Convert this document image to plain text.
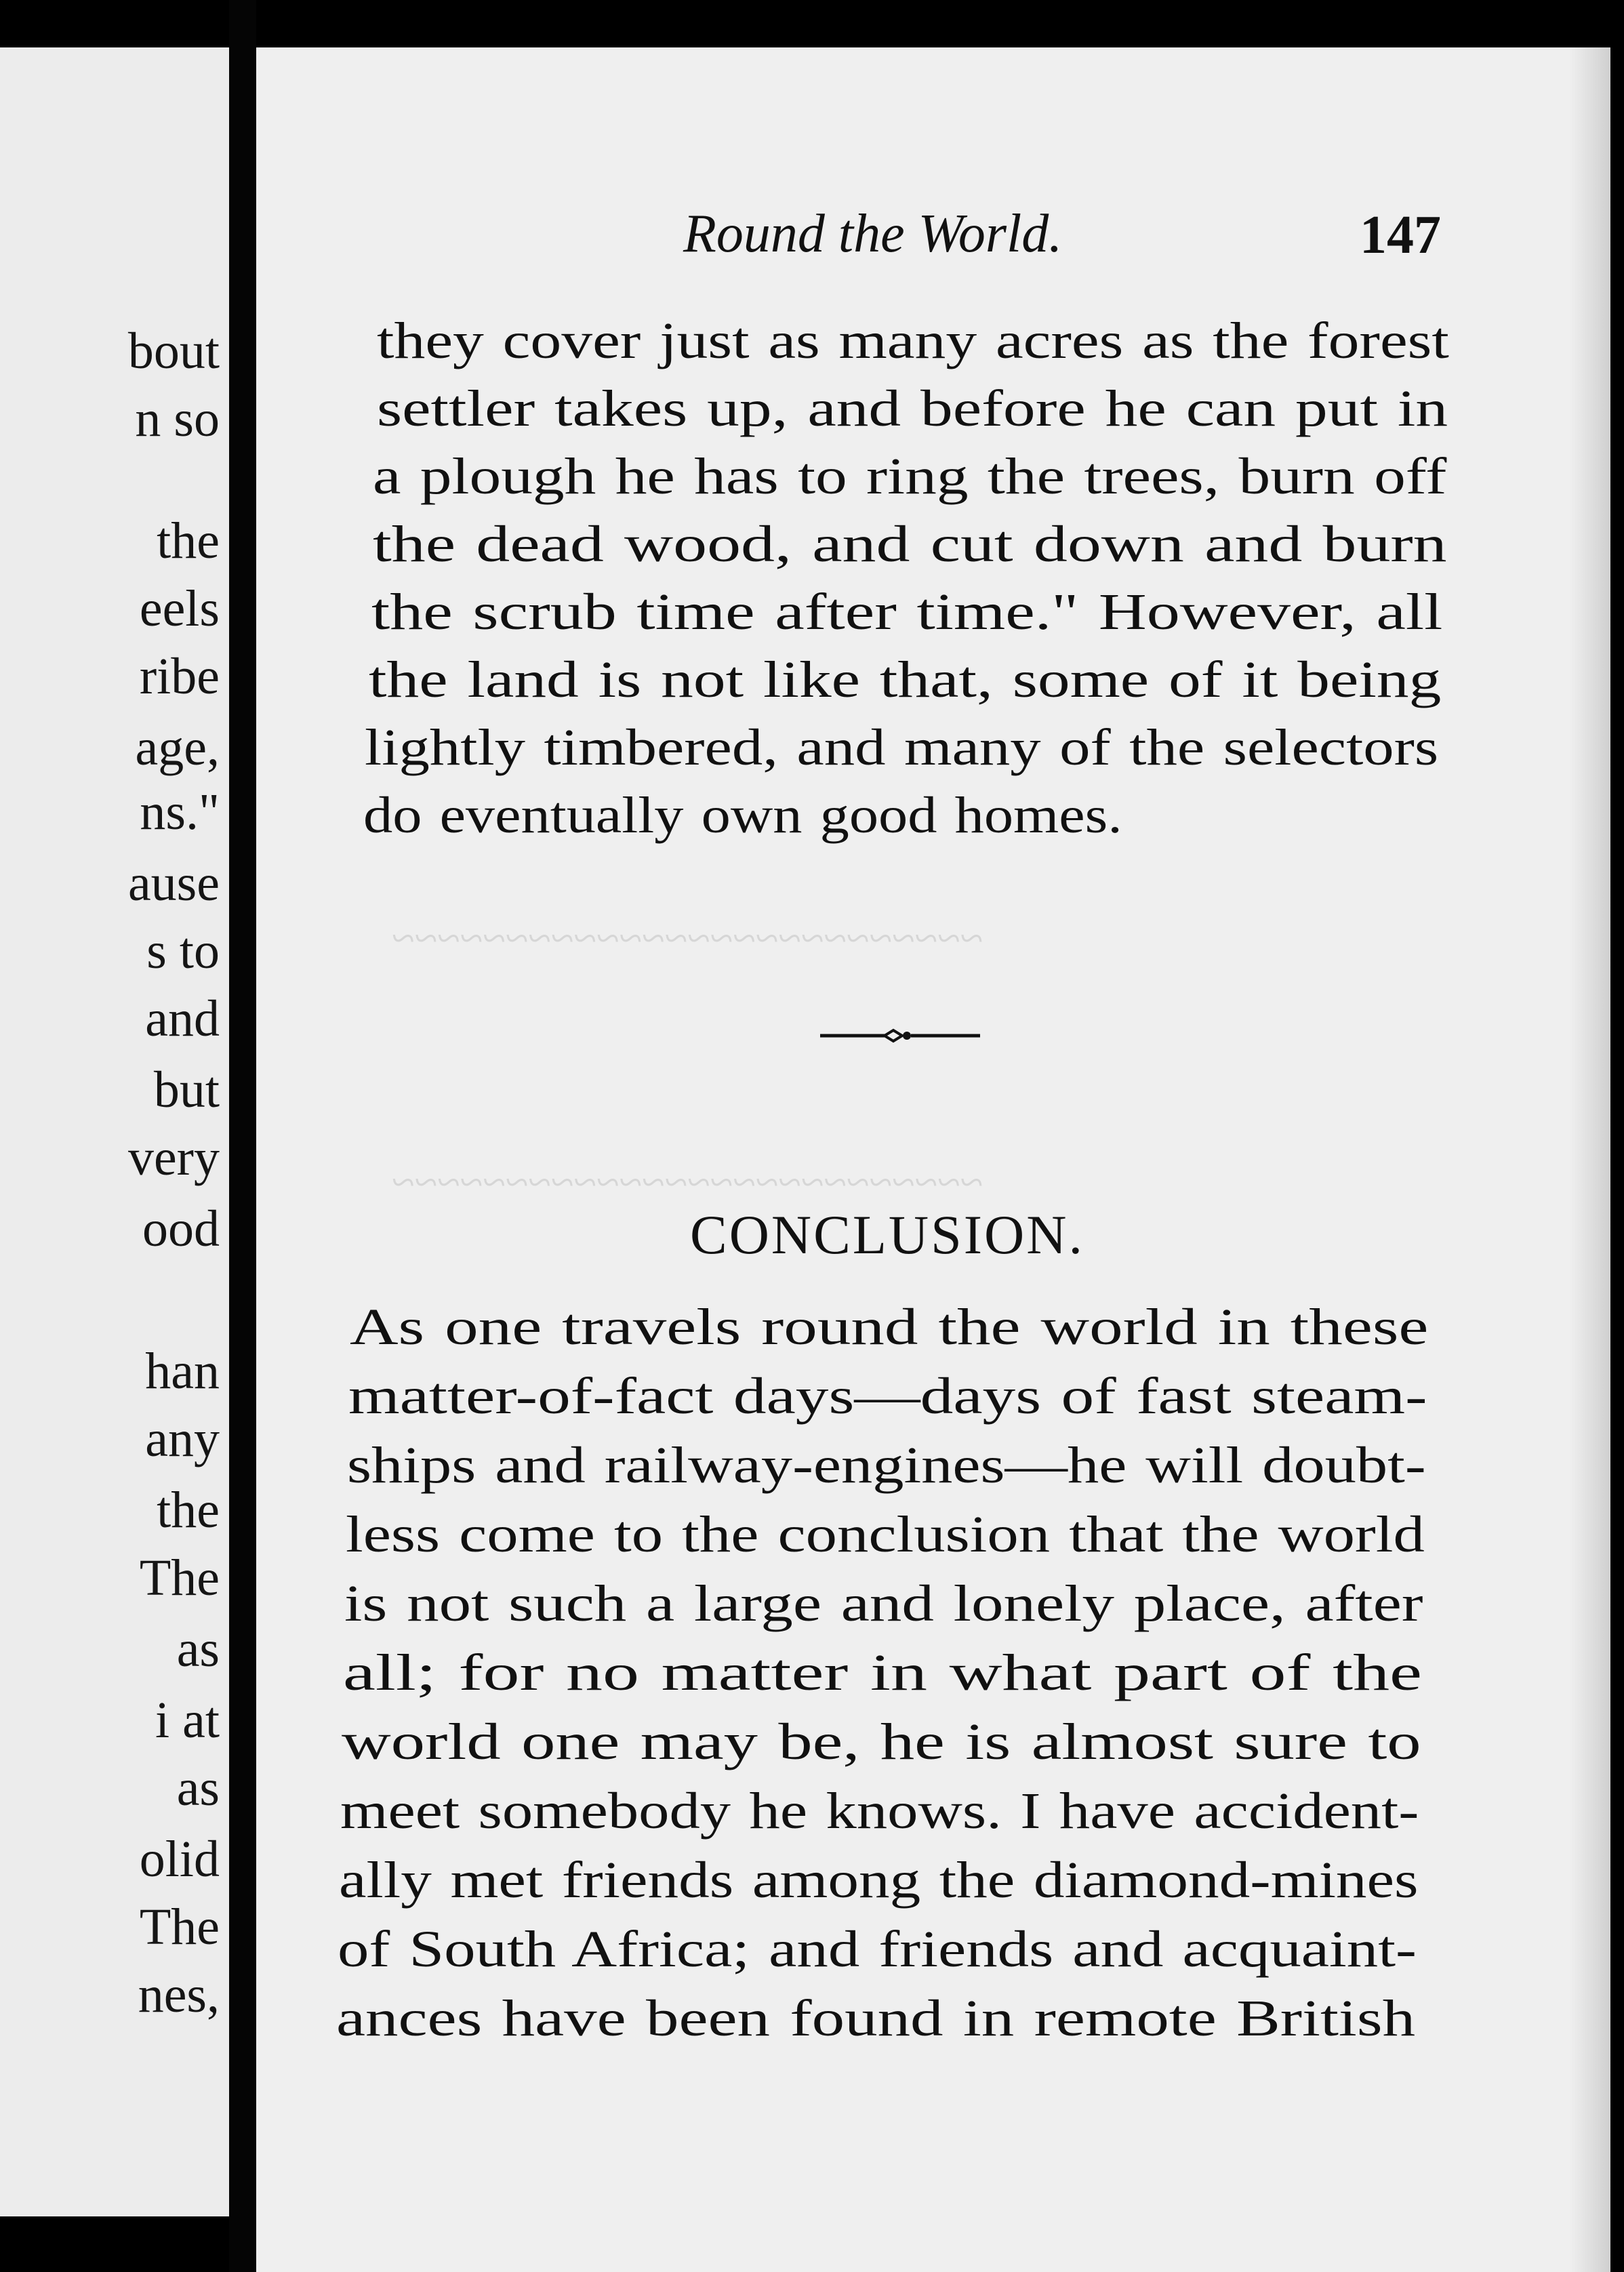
bout
n so
the
eels
ribe
age,
ns."
ause
s to
and
but
very
ood
han
any
the
The
as
i at
as
olid
The
nes,
~~~~~~~~~~~~~~~~~~~~~~~~~~
~~~~~~~~~~~~~~~~~~~~~~~~~~
Round the World.	147
they cover just as many acres as the forest
settler takes up, and before he can put in
a plough he has to ring the trees, burn off
the dead wood, and cut down and burn
the scrub time after time." However, all
the land is not like that, some of it being
lightly timbered, and many of the selectors
do eventually own good homes.
CONCLUSION.
As one travels round the world in these
matter-of-fact days—days of fast steam-
ships and railway-engines—he will doubt-
less come to the conclusion that the world
is not such a large and lonely place, after
all; for no matter in what part of the
world one may be, he is almost sure to
meet somebody he knows. I have accident-
ally met friends among the diamond-mines
of South Africa; and friends and acquaint-
ances have been found in remote British
